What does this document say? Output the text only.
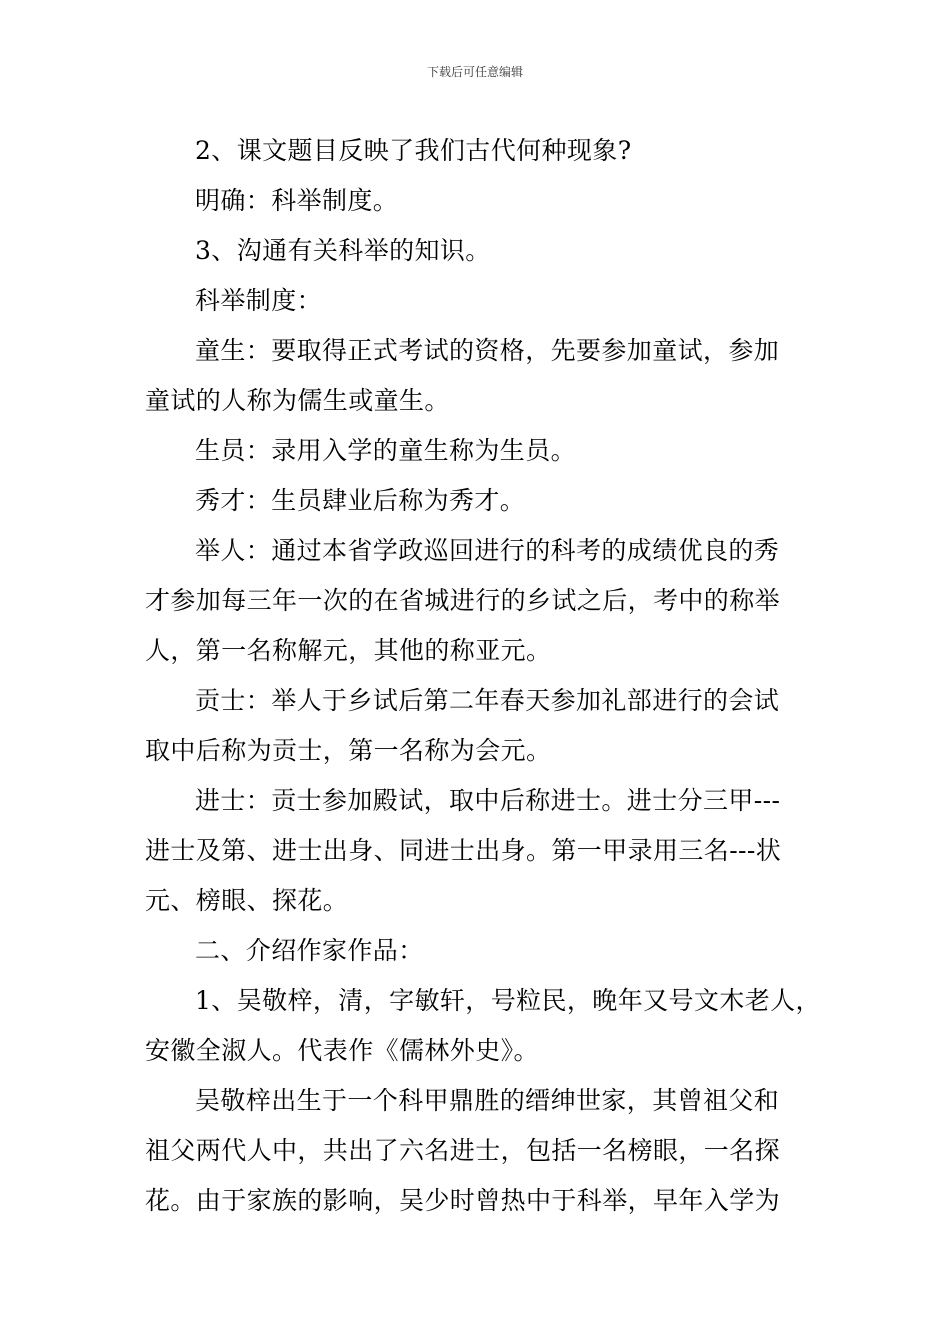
下载后可任意编辑
2、课文题目反映了我们古代何种现象?
明确：科举制度。
3、沟通有关科举的知识。
科举制度：
童生：要取得正式考试的资格，先要参加童试，参加
童试的人称为儒生或童生。
生员：录用入学的童生称为生员。
秀才：生员肆业后称为秀才。
举人：通过本省学政巡回进行的科考的成绩优良的秀
才参加每三年一次的在省城进行的乡试之后，考中的称举
人，第一名称解元，其他的称亚元。
贡士：举人于乡试后第二年春天参加礼部进行的会试
取中后称为贡士，第一名称为会元。
进士：贡士参加殿试，取中后称进士。进士分三甲---
进士及第、进士出身、同进士出身。第一甲录用三名---状
元、榜眼、探花。
二、介绍作家作品：
1、吴敬梓，清，字敏轩，号粒民，晚年又号文木老人，
安徽全淑人。代表作《儒林外史》。
吴敬梓出生于一个科甲鼎胜的缙绅世家，其曾祖父和
祖父两代人中，共出了六名进士，包括一名榜眼，一名探
花。由于家族的影响，吴少时曾热中于科举，早年入学为
